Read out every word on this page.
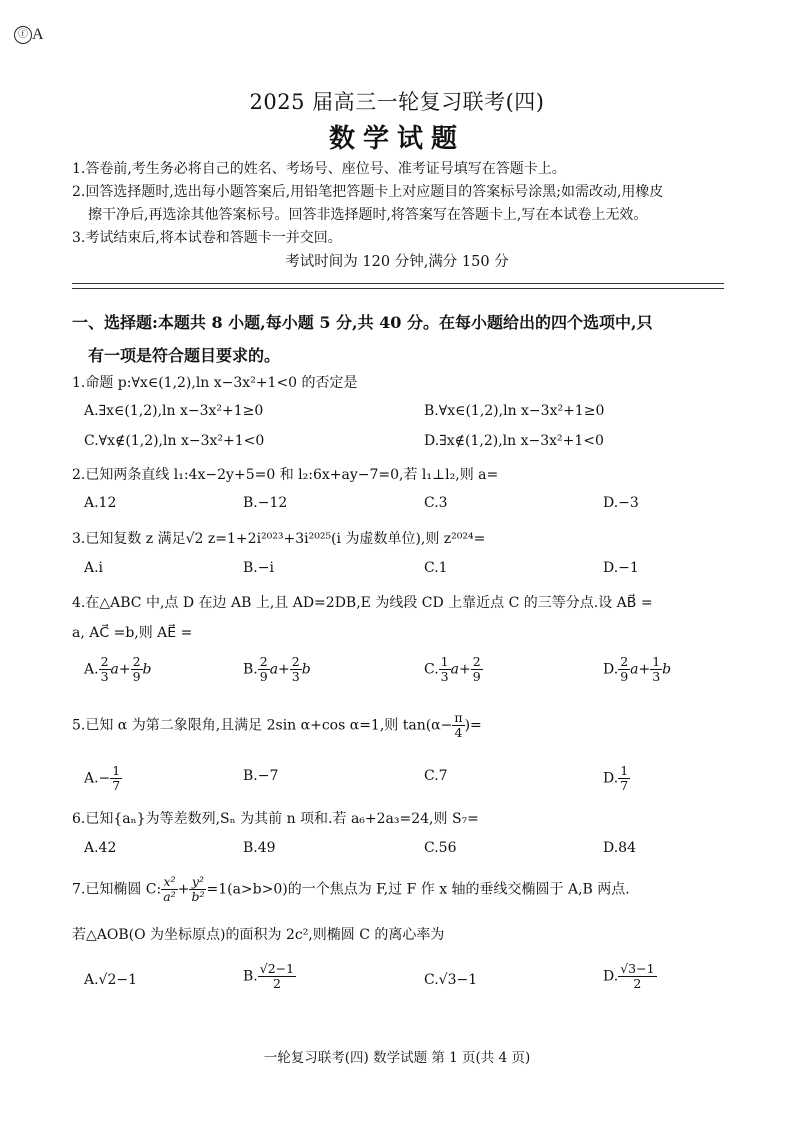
ⓕ A
2025 届高三一轮复习联考(四)
数学试题
1.答卷前,考生务必将自己的姓名、考场号、座位号、准考证号填写在答题卡上。
2.回答选择题时,选出每小题答案后,用铅笔把答题卡上对应题目的答案标号涂黑;如需改动,用橡皮
擦干净后,再选涂其他答案标号。回答非选择题时,将答案写在答题卡上,写在本试卷上无效。
3.考试结束后,将本试卷和答题卡一并交回。
考试时间为 120 分钟,满分 150 分
一、选择题:本题共 8 小题,每小题 5 分,共 40 分。在每小题给出的四个选项中,只
有一项是符合题目要求的。
1.命题 p:∀x∈(1,2),ln x−3x²+1<0 的否定是
A.∃x∈(1,2),ln x−3x²+1≥0	B.∀x∈(1,2),ln x−3x²+1≥0
C.∀x∉(1,2),ln x−3x²+1<0	D.∃x∉(1,2),ln x−3x²+1<0
2.已知两条直线 l₁:4x−2y+5=0 和 l₂:6x+ay−7=0,若 l₁⊥l₂,则 a=
A.12	B.−12	C.3	D.−3
3.已知复数 z 满足√2 z=1+2i²⁰²³+3i²⁰²⁵(i 为虚数单位),则 z²⁰²⁴=
A.i	B.−i	C.1	D.−1
4.在△ABC 中,点 D 在边 AB 上,且 AD=2DB,E 为线段 CD 上靠近点 C 的三等分点.设 AB⃗ =
a, AC⃗ =b,则 AE⃗ =
A. $\frac{2}{3} a+ \frac{2}{9}$ b	B. $\frac{2}{9} a+ \frac{2}{3}$ b	C. $\frac{1}{3} a+ \frac{2}{9}$	D. $\frac{2}{9} a+ \frac{1}{3}$ b
5.已知 α 为第二象限角,且满足 2sin α+cos α=1,则 $\tan(\alpha- \frac{\pi}{4}$ )=
$A.- \frac{1}{7}$	B.−7	C.7	D. $\frac{1}{7}$
6.已知{aₙ}为等差数列,Sₙ 为其前 n 项和.若 a₆+2a₃=24,则 S₇=
A.42	B.49	C.56	D.84
7.已知椭圆 C: $\frac{\text{x²}}{\text{a²}} + \frac{\text{y²}}{\text{b²}} =1(a>b>0)$的一个焦点为 F,过 F 作 x 轴的垂线交椭圆于 A,B 两点.
若△AOB(O 为坐标原点)的面积为 2c²,则椭圆 C 的离心率为
A.√2−1	B. $\frac{√2-1}{2}$	C.√3−1	D. $\frac{√3-1}{2}$
一轮复习联考(四) 数学试题 第 1 页(共 4 页)
